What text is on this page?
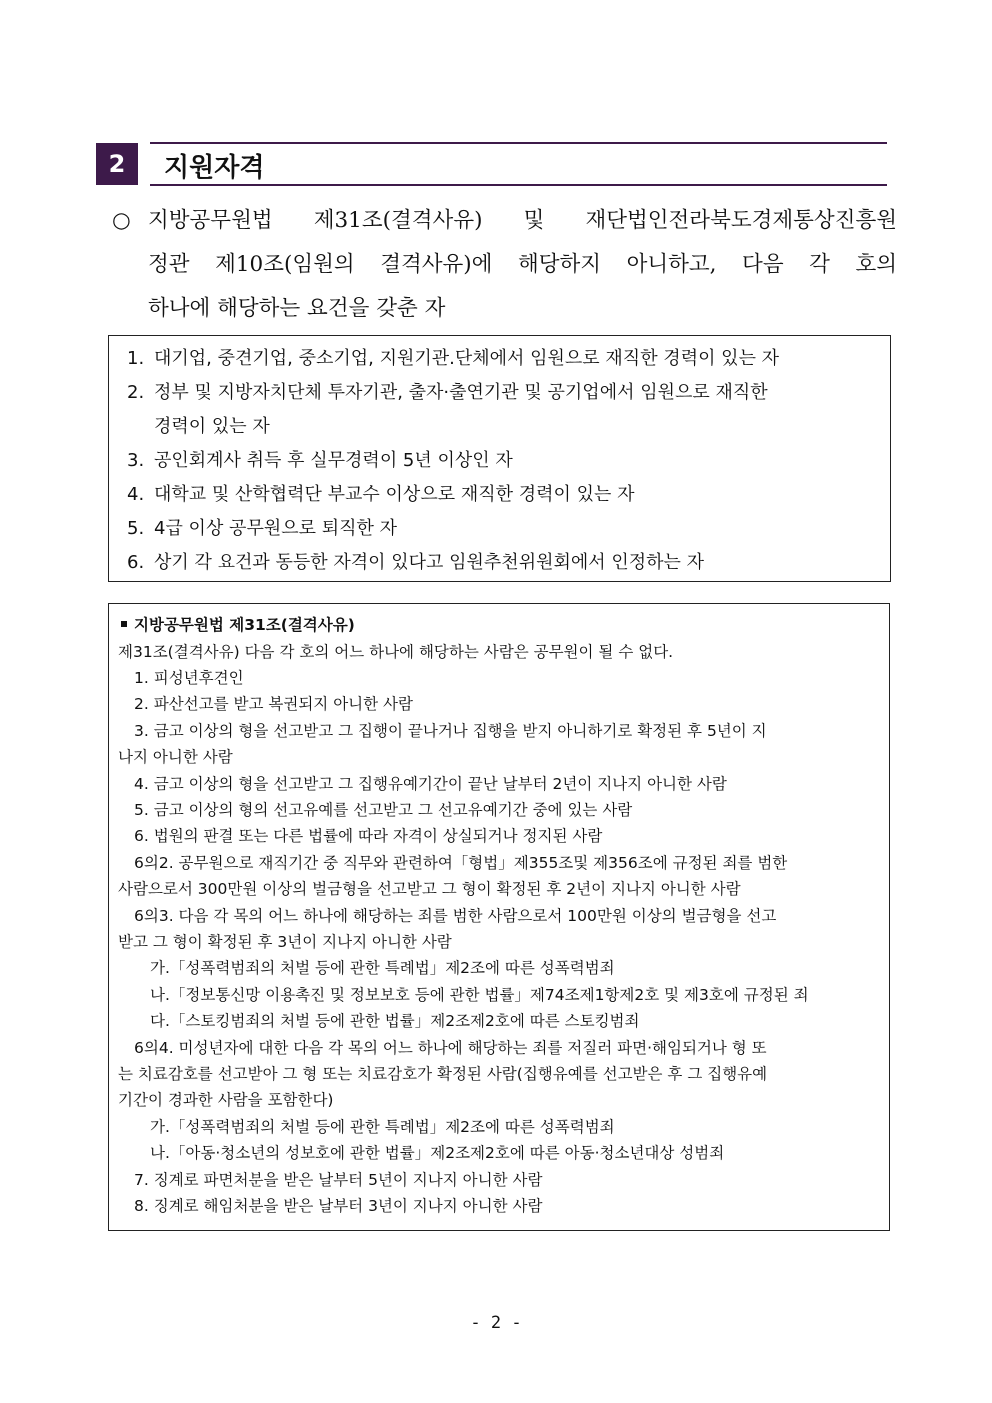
2	지원자격
○ 지방공무원법 제31조(결격사유) 및 재단법인전라북도경제통상진흥원
정관 제10조(임원의 결격사유)에 해당하지 아니하고, 다음 각 호의
하나에 해당하는 요건을 갖춘 자
1. 대기업, 중견기업, 중소기업, 지원기관.단체에서 임원으로 재직한 경력이 있는 자
2. 정부 및 지방자치단체 투자기관, 출자·출연기관 및 공기업에서 임원으로 재직한
경력이 있는 자
3. 공인회계사 취득 후 실무경력이 5년 이상인 자
4. 대학교 및 산학협력단 부교수 이상으로 재직한 경력이 있는 자
5. 4급 이상 공무원으로 퇴직한 자
6. 상기 각 요건과 동등한 자격이 있다고 임원추천위원회에서 인정하는 자
지방공무원법 제31조(결격사유)
제31조(결격사유) 다음 각 호의 어느 하나에 해당하는 사람은 공무원이 될 수 없다.
1. 피성년후견인
2. 파산선고를 받고 복권되지 아니한 사람
3. 금고 이상의 형을 선고받고 그 집행이 끝나거나 집행을 받지 아니하기로 확정된 후 5년이 지
나지 아니한 사람
4. 금고 이상의 형을 선고받고 그 집행유예기간이 끝난 날부터 2년이 지나지 아니한 사람
5. 금고 이상의 형의 선고유예를 선고받고 그 선고유예기간 중에 있는 사람
6. 법원의 판결 또는 다른 법률에 따라 자격이 상실되거나 정지된 사람
6의2. 공무원으로 재직기간 중 직무와 관련하여「형법」제355조및 제356조에 규정된 죄를 범한
사람으로서 300만원 이상의 벌금형을 선고받고 그 형이 확정된 후 2년이 지나지 아니한 사람
6의3. 다음 각 목의 어느 하나에 해당하는 죄를 범한 사람으로서 100만원 이상의 벌금형을 선고
받고 그 형이 확정된 후 3년이 지나지 아니한 사람
가.「성폭력범죄의 처벌 등에 관한 특례법」제2조에 따른 성폭력범죄
나.「정보통신망 이용촉진 및 정보보호 등에 관한 법률」제74조제1항제2호 및 제3호에 규정된 죄
다.「스토킹범죄의 처벌 등에 관한 법률」제2조제2호에 따른 스토킹범죄
6의4. 미성년자에 대한 다음 각 목의 어느 하나에 해당하는 죄를 저질러 파면·해임되거나 형 또
는 치료감호를 선고받아 그 형 또는 치료감호가 확정된 사람(집행유예를 선고받은 후 그 집행유예
기간이 경과한 사람을 포함한다)
가.「성폭력범죄의 처벌 등에 관한 특례법」제2조에 따른 성폭력범죄
나.「아동·청소년의 성보호에 관한 법률」제2조제2호에 따른 아동·청소년대상 성범죄
7. 징계로 파면처분을 받은 날부터 5년이 지나지 아니한 사람
8. 징계로 해임처분을 받은 날부터 3년이 지나지 아니한 사람
- 2 -
